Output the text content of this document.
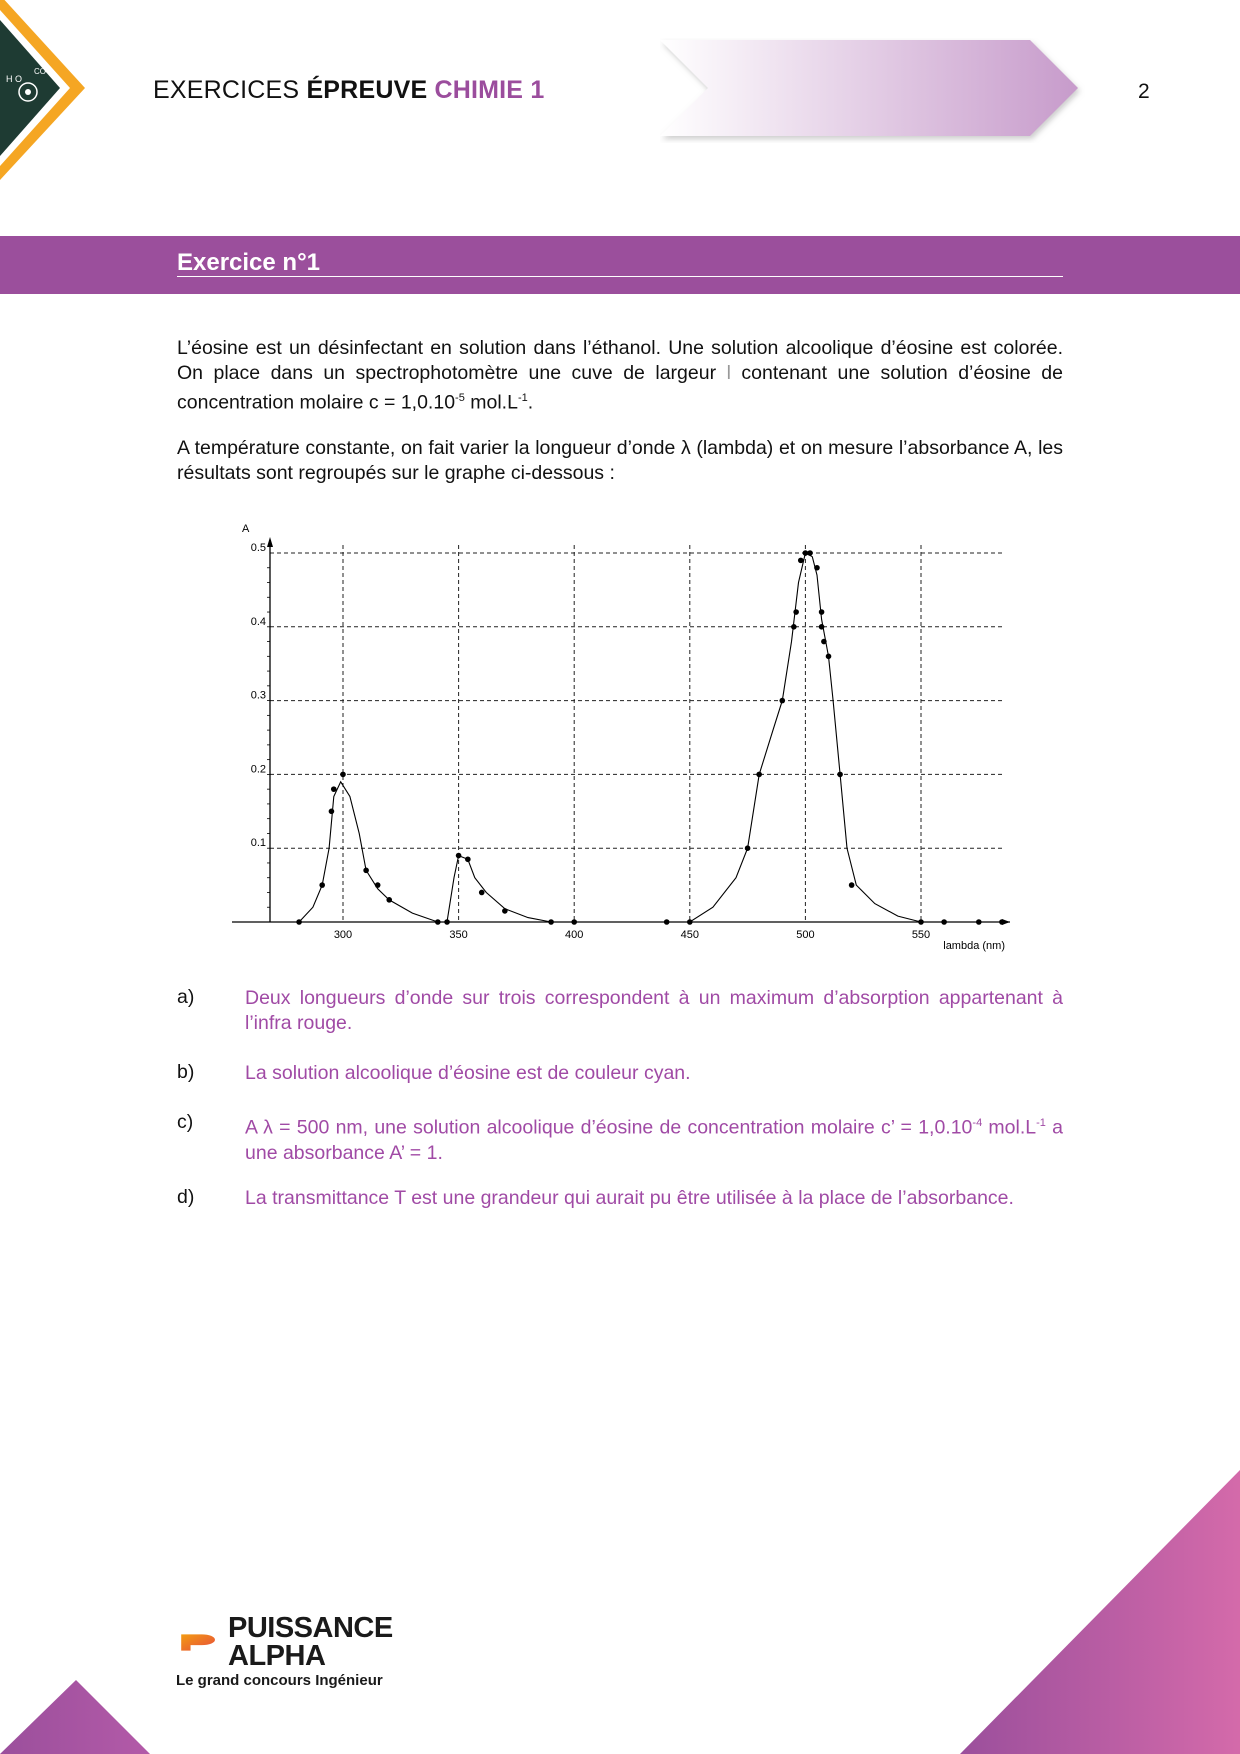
H O
CO
EXERCICES ÉPREUVE CHIMIE 1	2
Exercice n°1
L’éosine est un désinfectant en solution dans l’éthanol. Une solution alcoolique d’éosine est colorée. On place dans un spectrophotomètre une cuve de largeur l contenant une solution d’éosine de concentration molaire $c = 1,0.10^{-5}$ $mol.L^{-1}$.
A température constante, on fait varier la longueur d’onde λ (lambda) et on mesure l’absorbance A, les résultats sont regroupés sur le graphe ci-dessous :
300	350	400	450	500	550
0.1
0.2
0.3
0.4
0.5
A
lambda (nm)
a)	Deux longueurs d’onde sur trois correspondent à un maximum d’absorption appartenant à l’infra rouge.
b)	La solution alcoolique d’éosine est de couleur cyan.
c)	A λ = 500 nm, une solution alcoolique d’éosine de concentration molaire c’ = $1,0.10^{-4}$ $mol.L^{-1}$ a une absorbance A’ = 1.
d)	La transmittance T est une grandeur qui aurait pu être utilisée à la place de l’absorbance.
PUISSANCE
ALPHA
Le grand concours Ingénieur
